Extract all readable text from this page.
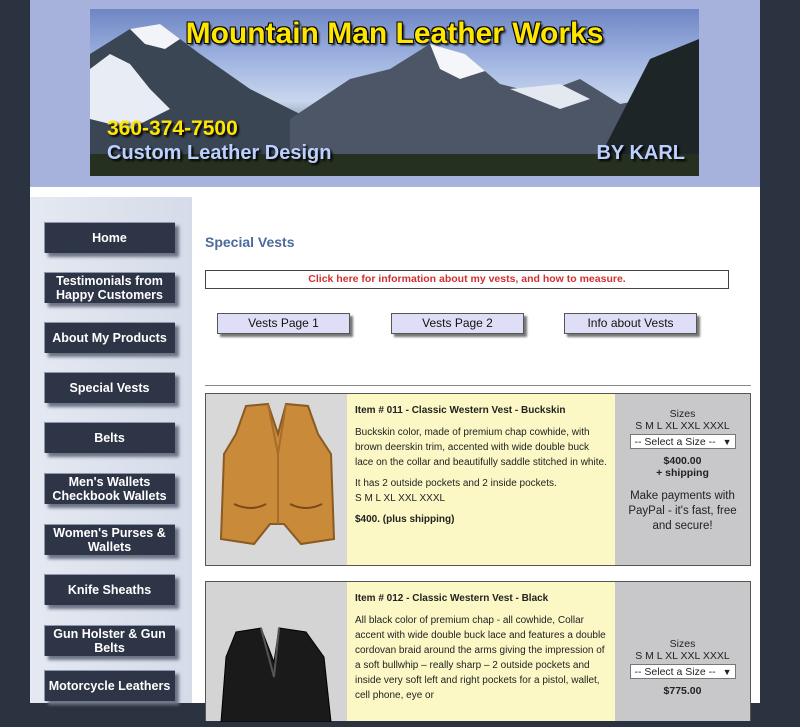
Mountain Man Leather Works
360-374-7500
Custom Leather Design	BY KARL
Home
Testimonials from Happy Customers
About My Products
Special Vests
Belts
Men's Wallets Checkbook Wallets
Women's Purses & Wallets
Knife Sheaths
Gun Holster & Gun Belts
Motorcycle Leathers
Special Vests
Click here for information about my vests, and how to measure.
Vests Page 1	Vests Page 2	Info about Vests
Item # 011 - Classic Western Vest - Buckskin

Buckskin color, made of premium chap cowhide, with brown deerskin trim, accented with wide double buck lace on the collar and beautifully saddle stitched in white.

It has 2 outside pockets and 2 inside pockets.

S M L XL XXL XXXL

$400. (plus shipping)

Sizes
S M L XL XXL XXXL
-- Select a Size -- ▼
$400.00
+ shipping
Make payments with PayPal - it's fast, free and secure!
Item # 012 - Classic Western Vest - Black

All black color of premium chap - all cowhide, Collar accent with wide double buck lace and features a double cordovan braid around the arms giving the impression of a soft bullwhip – really sharp – 2 outside pockets and inside very soft left and right pockets for a pistol, wallet, cell phone, eye or

Sizes
S M L XL XXL XXXL
-- Select a Size -- ▼
$775.00
